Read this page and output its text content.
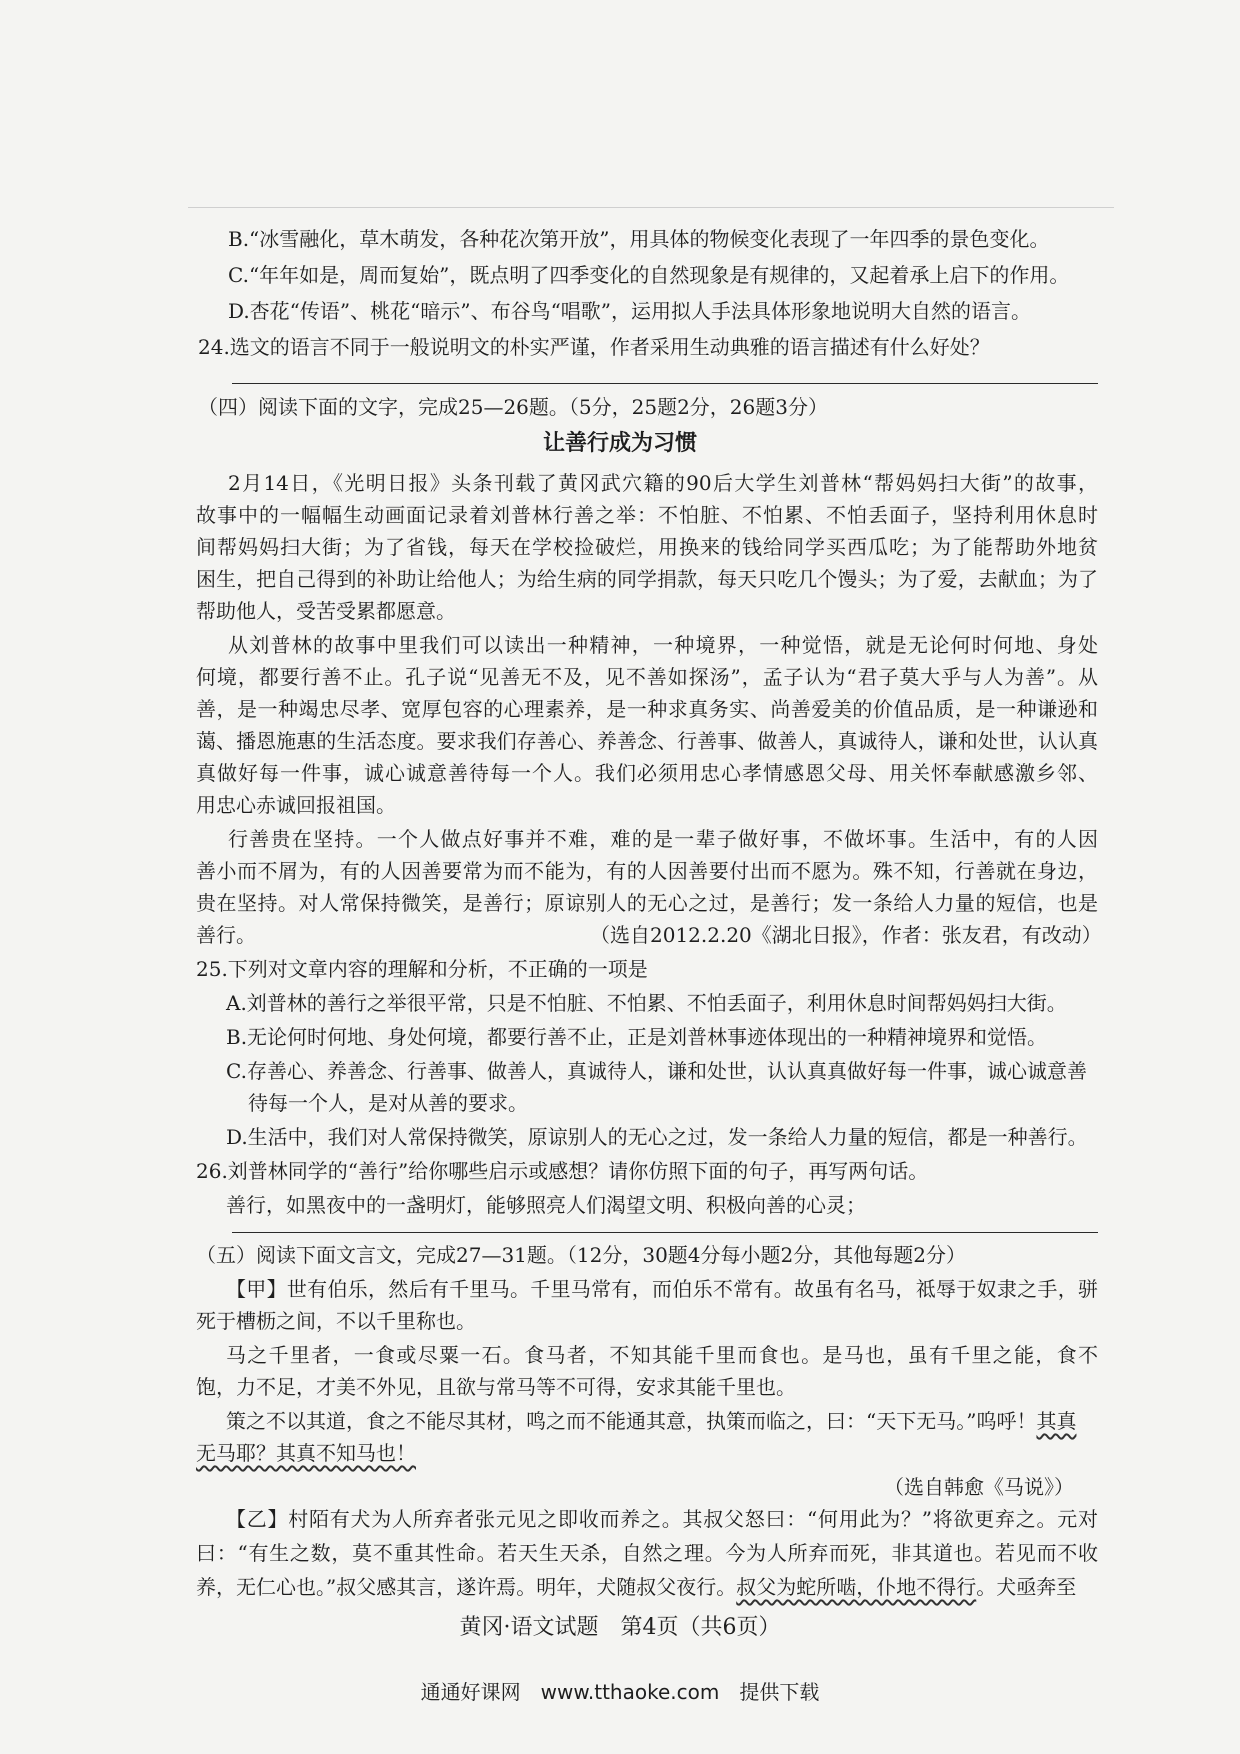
B.“冰雪融化，草木萌发，各种花次第开放”，用具体的物候变化表现了一年四季的景色变化。
C.“年年如是，周而复始”，既点明了四季变化的自然现象是有规律的，又起着承上启下的作用。
D.杏花“传语”、桃花“暗示”、布谷鸟“唱歌”，运用拟人手法具体形象地说明大自然的语言。
24.选文的语言不同于一般说明文的朴实严谨，作者采用生动典雅的语言描述有什么好处？
（四）阅读下面的文字，完成25—26题。（5分，25题2分，26题3分）
让善行成为习惯
2月14日，《光明日报》头条刊载了黄冈武穴籍的90后大学生刘普林“帮妈妈扫大街”的故事，
故事中的一幅幅生动画面记录着刘普林行善之举：不怕脏、不怕累、不怕丢面子，坚持利用休息时
间帮妈妈扫大街；为了省钱，每天在学校捡破烂，用换来的钱给同学买西瓜吃；为了能帮助外地贫
困生，把自己得到的补助让给他人；为给生病的同学捐款，每天只吃几个馒头；为了爱，去献血；为了
帮助他人，受苦受累都愿意。
从刘普林的故事中里我们可以读出一种精神，一种境界，一种觉悟，就是无论何时何地、身处
何境，都要行善不止。孔子说“见善无不及，见不善如探汤”，孟子认为“君子莫大乎与人为善”。从
善，是一种竭忠尽孝、宽厚包容的心理素养，是一种求真务实、尚善爱美的价值品质，是一种谦逊和
蔼、播恩施惠的生活态度。要求我们存善心、养善念、行善事、做善人，真诚待人，谦和处世，认认真
真做好每一件事，诚心诚意善待每一个人。我们必须用忠心孝情感恩父母、用关怀奉献感激乡邻、
用忠心赤诚回报祖国。
行善贵在坚持。一个人做点好事并不难，难的是一辈子做好事，不做坏事。生活中，有的人因
善小而不屑为，有的人因善要常为而不能为，有的人因善要付出而不愿为。殊不知，行善就在身边，
贵在坚持。对人常保持微笑，是善行；原谅别人的无心之过，是善行；发一条给人力量的短信，也是
善行。	（选自2012.2.20《湖北日报》，作者：张友君，有改动）
25.下列对文章内容的理解和分析，不正确的一项是
A.刘普林的善行之举很平常，只是不怕脏、不怕累、不怕丢面子，利用休息时间帮妈妈扫大街。
B.无论何时何地、身处何境，都要行善不止，正是刘普林事迹体现出的一种精神境界和觉悟。
C.存善心、养善念、行善事、做善人，真诚待人，谦和处世，认认真真做好每一件事，诚心诚意善
待每一个人，是对从善的要求。
D.生活中，我们对人常保持微笑，原谅别人的无心之过，发一条给人力量的短信，都是一种善行。
26.刘普林同学的“善行”给你哪些启示或感想？请你仿照下面的句子，再写两句话。
善行，如黑夜中的一盏明灯，能够照亮人们渴望文明、积极向善的心灵；
（五）阅读下面文言文，完成27—31题。（12分，30题4分每小题2分，其他每题2分）
【甲】世有伯乐，然后有千里马。千里马常有，而伯乐不常有。故虽有名马，祗辱于奴隶之手，骈
死于槽枥之间，不以千里称也。
马之千里者，一食或尽粟一石。食马者，不知其能千里而食也。是马也，虽有千里之能，食不
饱，力不足，才美不外见，且欲与常马等不可得，安求其能千里也。
策之不以其道，食之不能尽其材，鸣之而不能通其意，执策而临之，曰：“天下无马。”呜呼！其真
无马耶？其真不知马也！
（选自韩愈《马说》）
【乙】村陌有犬为人所弃者张元见之即收而养之。其叔父怒曰：“何用此为？”将欲更弃之。元对
黄冈·语文试题　第4页（共6页）
通通好课网　www.tthaoke.com　提供下载
曰：“有生之数，莫不重其性命。若天生天杀，自然之理。今为人所弃而死，非其道也。若见而不收
养，无仁心也。”叔父感其言，遂许焉。明年，犬随叔父夜行。叔父为蛇所啮，仆地不得行。犬亟奔至
